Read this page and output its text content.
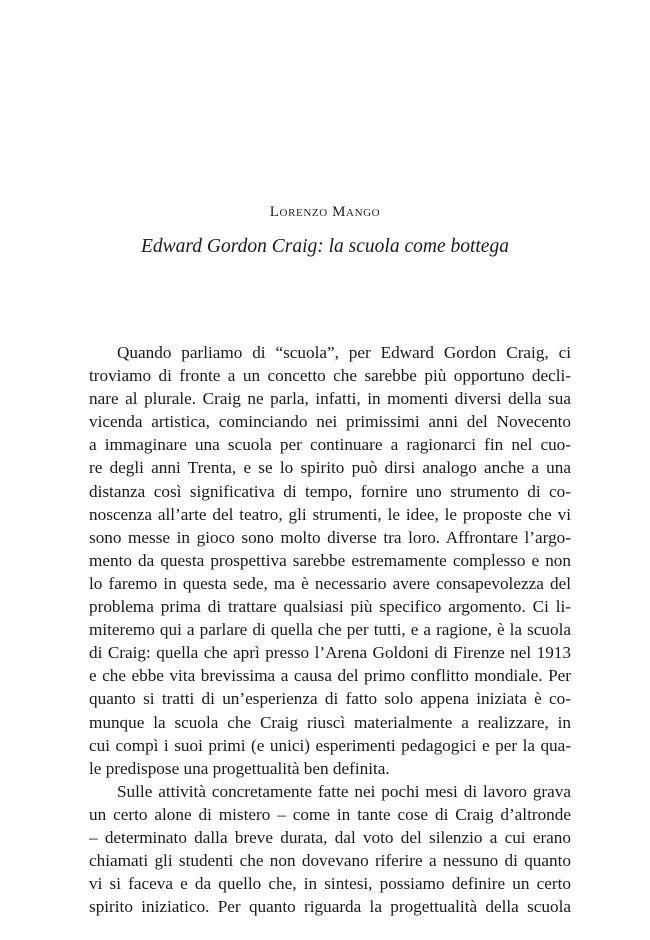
Lorenzo Mango
Edward Gordon Craig: la scuola come bottega
Quando parliamo di “scuola”, per Edward Gordon Craig, ci
troviamo di fronte a un concetto che sarebbe più opportuno decli-
nare al plurale. Craig ne parla, infatti, in momenti diversi della sua
vicenda artistica, cominciando nei primissimi anni del Novecento
a immaginare una scuola per continuare a ragionarci fin nel cuo-
re degli anni Trenta, e se lo spirito può dirsi analogo anche a una
distanza così significativa di tempo, fornire uno strumento di co-
noscenza all’arte del teatro, gli strumenti, le idee, le proposte che vi
sono messe in gioco sono molto diverse tra loro. Affrontare l’argo-
mento da questa prospettiva sarebbe estremamente complesso e non
lo faremo in questa sede, ma è necessario avere consapevolezza del
problema prima di trattare qualsiasi più specifico argomento. Ci li-
miteremo qui a parlare di quella che per tutti, e a ragione, è la scuola
di Craig: quella che aprì presso l’Arena Goldoni di Firenze nel 1913
e che ebbe vita brevissima a causa del primo conflitto mondiale. Per
quanto si tratti di un’esperienza di fatto solo appena iniziata è co-
munque la scuola che Craig riuscì materialmente a realizzare, in
cui compì i suoi primi (e unici) esperimenti pedagogici e per la qua-
le predispose una progettualità ben definita.
Sulle attività concretamente fatte nei pochi mesi di lavoro grava
un certo alone di mistero – come in tante cose di Craig d’altronde
– determinato dalla breve durata, dal voto del silenzio a cui erano
chiamati gli studenti che non dovevano riferire a nessuno di quanto
vi si faceva e da quello che, in sintesi, possiamo definire un certo
spirito iniziatico. Per quanto riguarda la progettualità della scuola
